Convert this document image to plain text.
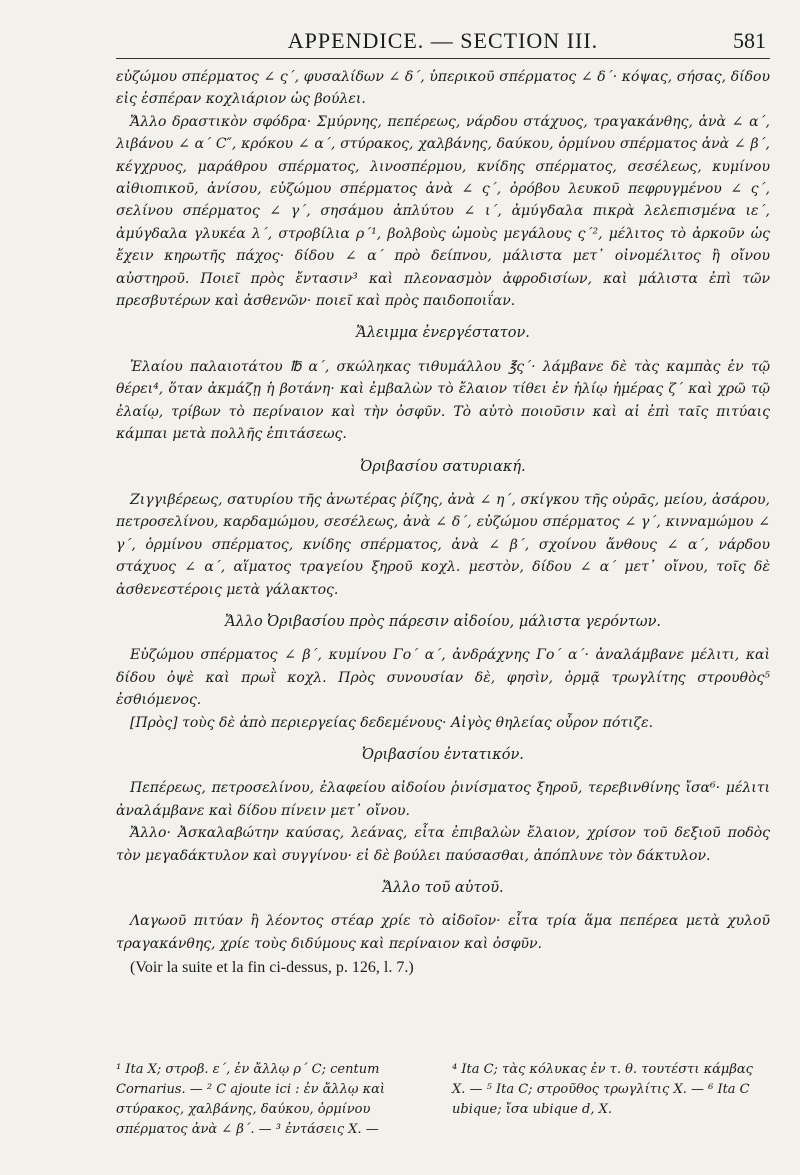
APPENDICE. — SECTION III.	581

εὐζώμου σπέρματος ∠ ς΄, φυσαλίδων ∠ δ΄, ὑπερικοῦ σπέρματος ∠ δ΄· κόψας, σήσας, δίδου εἰς ἑσπέραν κοχλιάριον ὡς βούλει.

Ἄλλο δραστικὸν σφόδρα· Σμύρνης, πεπέρεως, νάρδου στάχυος, τραγακάνθης, ἀνὰ ∠ α΄, λιβάνου ∠ α΄ C″, κρόκου ∠ α΄, στύρακος, χαλβάνης, δαύκου, ὁρμίνου σπέρματος ἀνὰ ∠ β΄, κέγχρυος, μαράθρου σπέρματος, λινοσπέρμου, κνίδης σπέρματος, σεσέλεως, κυμίνου αἰθιοπικοῦ, ἀνίσου, εὐζώμου σπέρματος ἀνὰ ∠ ς΄, ὀρόβου λευκοῦ πεφρυγμένου ∠ ς΄, σελίνου σπέρματος ∠ γ΄, σησάμου ἀπλύτου ∠ ι΄, ἀμύγδαλα πικρὰ λελεπισμένα ιε΄, ἀμύγδαλα γλυκέα λ΄, στροβίλια ρ΄¹, βολβοὺς ὠμοὺς μεγάλους ς΄², μέλιτος τὸ ἀρκοῦν ὡς ἔχειν κηρωτῆς πάχος· δίδου ∠ α΄ πρὸ δείπνου, μάλιστα μετ᾽ οἰνομέλιτος ἢ οἴνου αὐστηροῦ. Ποιεῖ πρὸς ἔντασιν³ καὶ πλεονασμὸν ἀφροδισίων, καὶ μάλιστα ἐπὶ τῶν πρεσβυτέρων καὶ ἀσθενῶν· ποιεῖ καὶ πρὸς παιδοποιΐαν.

Ἄλειμμα ἐνεργέστατον.

Ἐλαίου παλαιοτάτου ℔ α΄, σκώληκας τιθυμάλλου ℥ς΄· λάμβανε δὲ τὰς καμπὰς ἐν τῷ θέρει⁴, ὅταν ἀκμάζῃ ἡ βοτάνη· καὶ ἐμβαλὼν τὸ ἔλαιον τίθει ἐν ἡλίῳ ἡμέρας ζ΄ καὶ χρῶ τῷ ἐλαίῳ, τρίβων τὸ περίναιον καὶ τὴν ὀσφῦν. Τὸ αὐτὸ ποιοῦσιν καὶ αἱ ἐπὶ ταῖς πιτύαις κάμπαι μετὰ πολλῆς ἐπιτάσεως.

Ὀριβασίου σατυριακή.

Ζιγγιβέρεως, σατυρίου τῆς ἀνωτέρας ῥίζης, ἀνὰ ∠ η΄, σκίγκου τῆς οὐρᾶς, μείου, ἀσάρου, πετροσελίνου, καρδαμώμου, σεσέλεως, ἀνὰ ∠ δ΄, εὐζώμου σπέρματος ∠ γ΄, κινναμώμου ∠ γ΄, ὁρμίνου σπέρματος, κνίδης σπέρματος, ἀνὰ ∠ β΄, σχοίνου ἄνθους ∠ α΄, νάρδου στάχυος ∠ α΄, αἵματος τραγείου ξηροῦ κοχλ. μεστὸν, δίδου ∠ α΄ μετ᾽ οἴνου, τοῖς δὲ ἀσθενεστέροις μετὰ γάλακτος.

Ἄλλο Ὀριβασίου πρὸς πάρεσιν αἰδοίου, μάλιστα γερόντων.

Εὐζώμου σπέρματος ∠ β΄, κυμίνου Γο΄ α΄, ἀνδράχνης Γο΄ α΄· ἀναλάμβανε μέλιτι, καὶ δίδου ὀψὲ καὶ πρωῒ κοχλ. Πρὸς συνουσίαν δὲ, φησὶν, ὁρμᾷ τρωγλίτης στρουθὸς⁵ ἐσθιόμενος.

[Πρὸς] τοὺς δὲ ἀπὸ περιεργείας δεδεμένους· Αἰγὸς θηλείας οὖρον πότιζε.

Ὀριβασίου ἐντατικόν.

Πεπέρεως, πετροσελίνου, ἐλαφείου αἰδοίου ῥινίσματος ξηροῦ, τερεβινθίνης ἴσα⁶· μέλιτι ἀναλάμβανε καὶ δίδου πίνειν μετ᾽ οἴνου.

Ἄλλο· Ἀσκαλαβώτην καύσας, λεάνας, εἶτα ἐπιβαλὼν ἔλαιον, χρίσον τοῦ δεξιοῦ ποδὸς τὸν μεγαδάκτυλον καὶ συγγίνου· εἰ δὲ βούλει παύσασθαι, ἀπόπλυνε τὸν δάκτυλον.

Ἄλλο τοῦ αὐτοῦ.

Λαγωοῦ πιτύαν ἢ λέοντος στέαρ χρίε τὸ αἰδοῖον· εἶτα τρία ἅμα πεπέρεα μετὰ χυλοῦ τραγακάνθης, χρίε τοὺς διδύμους καὶ περίναιον καὶ ὀσφῦν.

(Voir la suite et la fin ci-dessus, p. 126, l. 7.)

¹ Ita X; στροβ. ε΄, ἐν ἄλλῳ ρ΄ C; centum Cornarius. — ² C ajoute ici : ἐν ἄλλῳ καὶ στύρακος, χαλβάνης, δαύκου, ὁρμίνου σπέρματος ἀνὰ ∠ β΄. — ³ ἐντάσεις X. —

⁴ Ita C; τὰς κόλυκας ἐν τ. θ. τουτέστι κάμβας X. — ⁵ Ita C; στροῦθος τρωγλίτις X. — ⁶ Ita C ubique; ἴσα ubique d, X.
